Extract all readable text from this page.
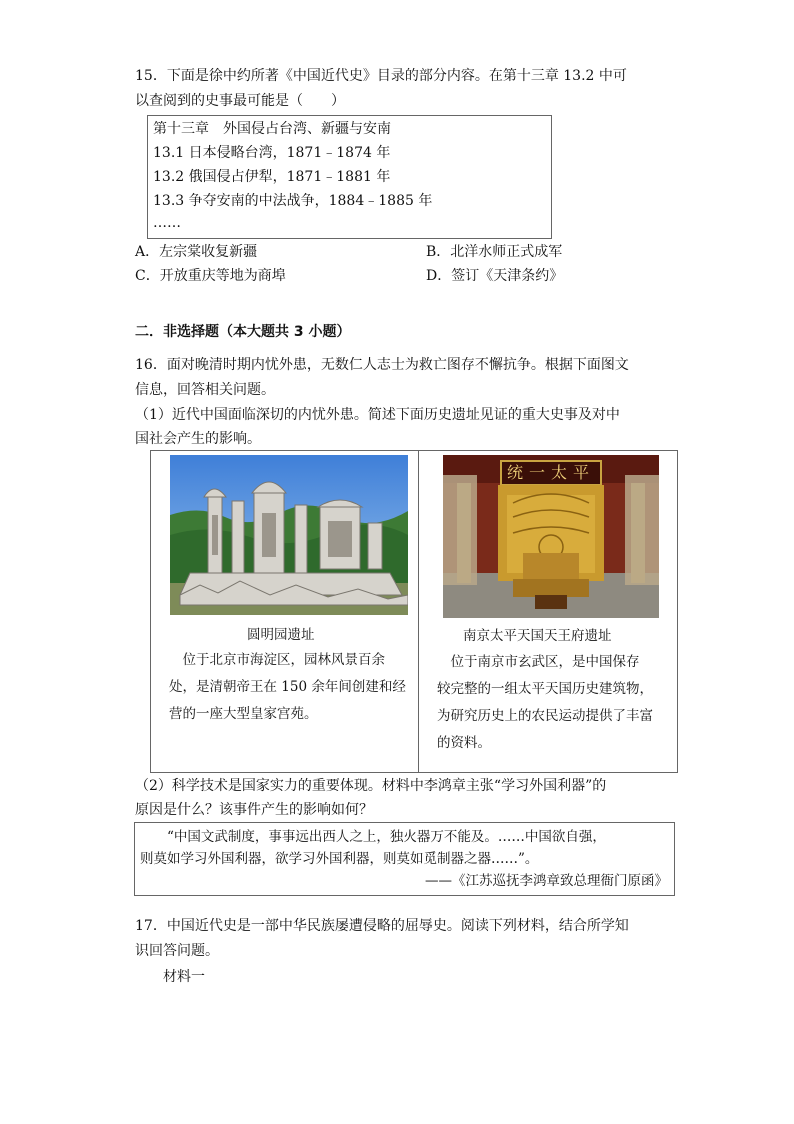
15．下面是徐中约所著《中国近代史》目录的部分内容。在第十三章 13.2 中可
以查阅到的史事最可能是（　　）
第十三章　外国侵占台湾、新疆与安南
13.1 日本侵略台湾，1871﹣1874 年
13.2 俄国侵占伊犁，1871﹣1881 年
13.3 争夺安南的中法战争，1884﹣1885 年
……
A．左宗棠收复新疆	B．北洋水师正式成军
C．开放重庆等地为商埠	D．签订《天津条约》
二．非选择题（本大题共 3 小题）
16．面对晚清时期内忧外患，无数仁人志士为救亡图存不懈抗争。根据下面图文
信息，回答相关问题。
（1）近代中国面临深切的内忧外患。简述下面历史遗址见证的重大史事及对中
国社会产生的影响。
统一太平
圆明园遗址
　位于北京市海淀区，园林风景百余
处，是清朝帝王在 150 余年间创建和经
营的一座大型皇家宫苑。
南京太平天国天王府遗址
　位于南京市玄武区，是中国保存
较完整的一组太平天国历史建筑物，
为研究历史上的农民运动提供了丰富
的资料。
（2）科学技术是国家实力的重要体现。材料中李鸿章主张“学习外国利器”的
原因是什么？该事件产生的影响如何？
　　“中国文武制度，事事远出西人之上，独火器万不能及。……中国欲自强，
则莫如学习外国利器，欲学习外国利器，则莫如觅制器之器……”。
——《江苏巡抚李鸿章致总理衙门原函》
17．中国近代史是一部中华民族屡遭侵略的屈辱史。阅读下列材料，结合所学知
识回答问题。
材料一
